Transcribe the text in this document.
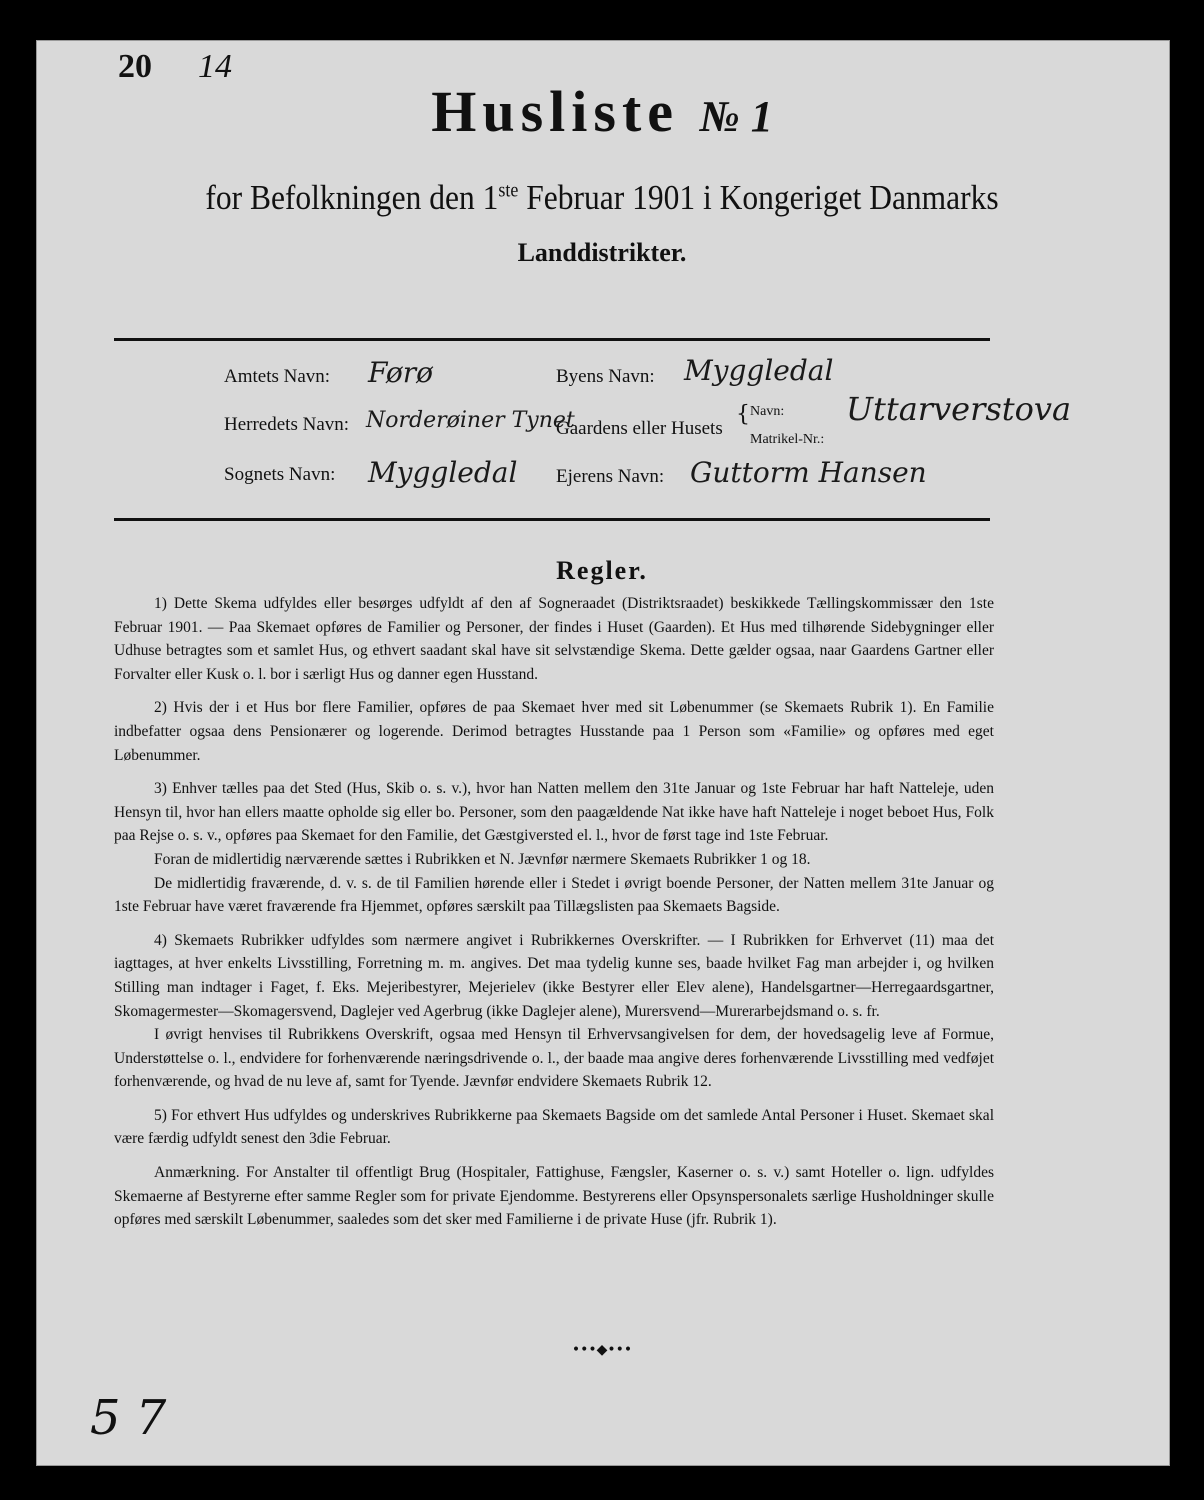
20 14
Husliste № 1
for Befolkningen den 1ste Februar 1901 i Kongeriget Danmarks
Landdistrikter.
Amtets Navn: Førø
Herredets Navn: Norderøiner Tynet
Sognets Navn: Myggledal
Byens Navn: Myggledal
Gaardens eller Husets
{ Navn:
Matrikel-Nr.:
Uttarverstova
Ejerens Navn: Guttorm Hansen
Regler.

1) Dette Skema udfyldes eller besørges udfyldt af den af Sogneraadet (Distriktsraadet) beskikkede Tællingskommissær den 1ste Februar 1901. — Paa Skemaet opføres de Familier og Personer, der findes i Huset (Gaarden). Et Hus med tilhørende Sidebygninger eller Udhuse betragtes som et samlet Hus, og ethvert saadant skal have sit selvstændige Skema. Dette gælder ogsaa, naar Gaardens Gartner eller Forvalter eller Kusk o. l. bor i særligt Hus og danner egen Husstand.

2) Hvis der i et Hus bor flere Familier, opføres de paa Skemaet hver med sit Løbenummer (se Skemaets Rubrik 1). En Familie indbefatter ogsaa dens Pensionærer og logerende. Derimod betragtes Husstande paa 1 Person som «Familie» og opføres med eget Løbenummer.

3) Enhver tælles paa det Sted (Hus, Skib o. s. v.), hvor han Natten mellem den 31te Januar og 1ste Februar har haft Natteleje, uden Hensyn til, hvor han ellers maatte opholde sig eller bo. Personer, som den paagældende Nat ikke have haft Natteleje i noget beboet Hus, Folk paa Rejse o. s. v., opføres paa Skemaet for den Familie, det Gæstgiversted el. l., hvor de først tage ind 1ste Februar.

Foran de midlertidig nærværende sættes i Rubrikken et N. Jævnfør nærmere Skemaets Rubrikker 1 og 18.

De midlertidig fraværende, d. v. s. de til Familien hørende eller i Stedet i øvrigt boende Personer, der Natten mellem 31te Januar og 1ste Februar have været fraværende fra Hjemmet, opføres særskilt paa Tillægslisten paa Skemaets Bagside.

4) Skemaets Rubrikker udfyldes som nærmere angivet i Rubrikkernes Overskrifter. — I Rubrikken for Erhvervet (11) maa det iagttages, at hver enkelts Livsstilling, Forretning m. m. angives. Det maa tydelig kunne ses, baade hvilket Fag man arbejder i, og hvilken Stilling man indtager i Faget, f. Eks. Mejeribestyrer, Mejerielev (ikke Bestyrer eller Elev alene), Handelsgartner—Herregaardsgartner, Skomagermester—Skomagersvend, Daglejer ved Agerbrug (ikke Daglejer alene), Murersvend—Murerarbejdsmand o. s. fr.

I øvrigt henvises til Rubrikkens Overskrift, ogsaa med Hensyn til Erhvervsangivelsen for dem, der hovedsagelig leve af Formue, Understøttelse o. l., endvidere for forhenværende næringsdrivende o. l., der baade maa angive deres forhenværende Livsstilling med vedføjet forhenværende, og hvad de nu leve af, samt for Tyende. Jævnfør endvidere Skemaets Rubrik 12.

5) For ethvert Hus udfyldes og underskrives Rubrikkerne paa Skemaets Bagside om det samlede Antal Personer i Huset. Skemaet skal være færdig udfyldt senest den 3die Februar.

Anmærkning. For Anstalter til offentligt Brug (Hospitaler, Fattighuse, Fængsler, Kaserner o. s. v.) samt Hoteller o. lign. udfyldes Skemaerne af Bestyrerne efter samme Regler som for private Ejendomme. Bestyrerens eller Opsynspersonalets særlige Husholdninger skulle opføres med særskilt Løbenummer, saaledes som det sker med Familierne i de private Huse (jfr. Rubrik 1).

•••◆•••
5 7
